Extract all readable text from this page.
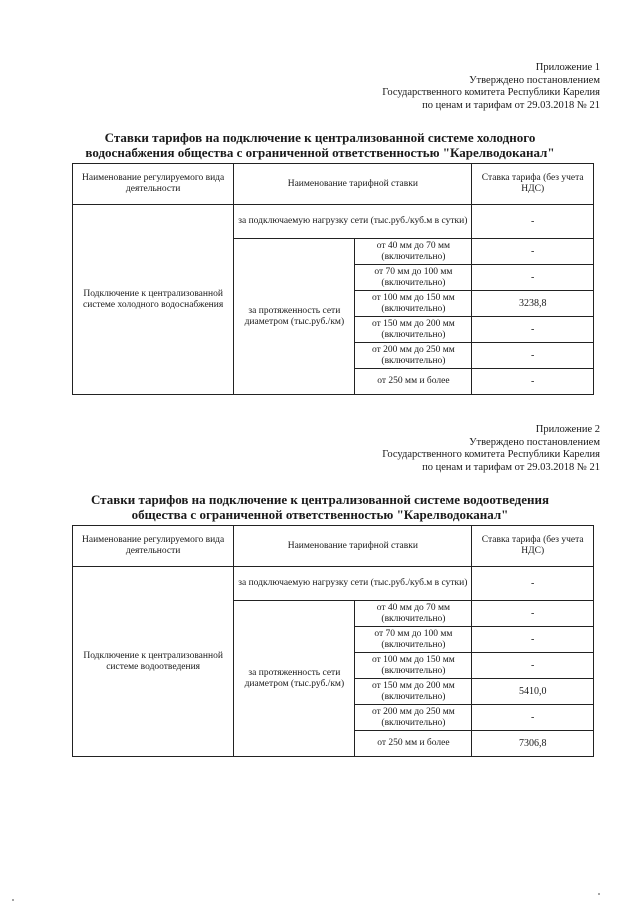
Приложение 1
Утверждено постановлением
Государственного комитета Республики Карелия
по ценам и тарифам от 29.03.2018 № 21
Ставки тарифов на подключение к централизованной системе холодного
водоснабжения общества с ограниченной ответственностью "Карелводоканал"
Наименование регулируемого вида деятельности	Наименование тарифной ставки		Ставка тарифа (без учета НДС)
Подключение к централизованной системе холодного водоснабжения	за подключаемую нагрузку сети (тыс.руб./куб.м в сутки)		-
	за протяженность сети диаметром (тыс.руб./км)	от 40 мм до 70 мм (включительно)	-
		от 70 мм до 100 мм (включительно)	-
		от 100 мм до 150 мм (включительно)	3238,8
		от 150 мм до 200 мм (включительно)	-
		от 200 мм до 250 мм (включительно)	-
		от 250 мм и более	-
Приложение 2
Утверждено постановлением
Государственного комитета Республики Карелия
по ценам и тарифам от 29.03.2018 № 21
Ставки тарифов на подключение к централизованной системе водоотведения
общества с ограниченной ответственностью "Карелводоканал"
Наименование регулируемого вида деятельности	Наименование тарифной ставки		Ставка тарифа (без учета НДС)
Подключение к централизованной системе водоотведения	за подключаемую нагрузку сети (тыс.руб./куб.м в сутки)		-
	за протяженность сети диаметром (тыс.руб./км)	от 40 мм до 70 мм (включительно)	-
		от 70 мм до 100 мм (включительно)	-
		от 100 мм до 150 мм (включительно)	-
		от 150 мм до 200 мм (включительно)	5410,0
		от 200 мм до 250 мм (включительно)	-
		от 250 мм и более	7306,8
